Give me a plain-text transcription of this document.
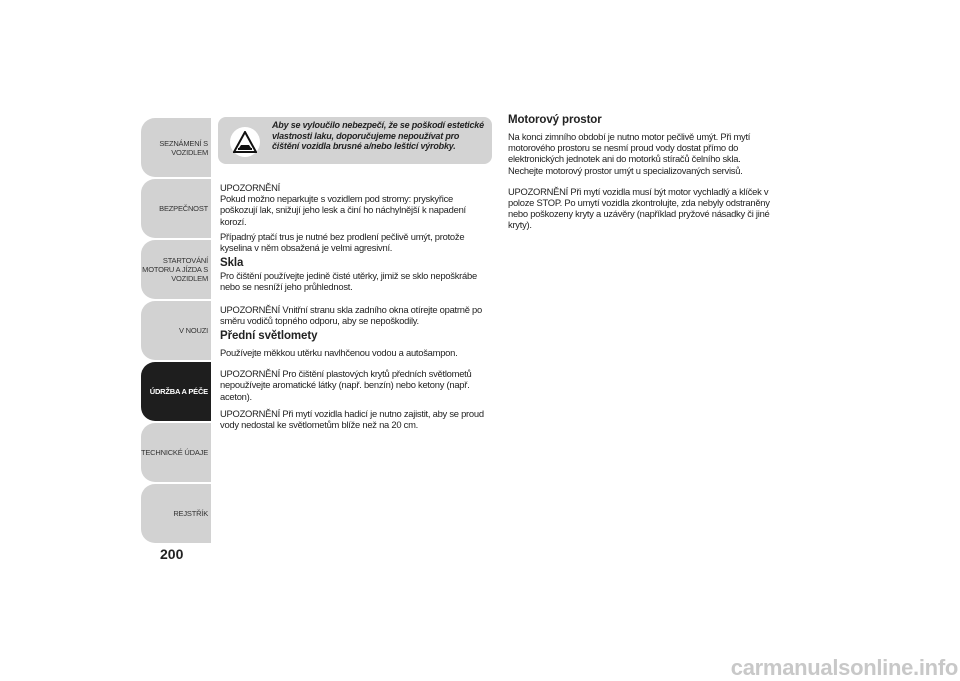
SEZNÁMENÍ S
VOZIDLEM
BEZPEČNOST
STARTOVÁNÍ
MOTORU A JÍZDA S
VOZIDLEM
V NOUZI
ÚDRŽBA A PÉČE
TECHNICKÉ ÚDAJE
REJSTŘÍK
200
Aby se vyloučilo nebezpečí, že se poškodí estetické vlastnosti laku, doporučujeme nepoužívat pro čištění vozidla brusné a/nebo lešticí výrobky.

UPOZORNĚNÍ

Pokud možno neparkujte s vozidlem pod stromy: pryskyřice poškozují lak, snižují jeho lesk a činí ho náchylnější k napadení korozí.

Případný ptačí trus je nutné bez prodlení pečlivě umýt, protože kyselina v něm obsažená je velmi agresivní.

Skla

Pro čištění používejte jedině čisté utěrky, jimiž se sklo nepoškrábe nebo se nesníží jeho průhlednost.

UPOZORNĚNÍ Vnitřní stranu skla zadního okna otírejte opatrně po směru vodičů topného odporu, aby se nepoškodily.

Přední světlomety

Používejte měkkou utěrku navlhčenou vodou a autošampon.

UPOZORNĚNÍ Pro čištění plastových krytů předních světlometů nepoužívejte aromatické látky (např. benzín) nebo ketony (např. aceton).

UPOZORNĚNÍ Při mytí vozidla hadicí je nutno zajistit, aby se proud vody nedostal ke světlometům blíže než na 20 cm.

Motorový prostor

Na konci zimního období je nutno motor pečlivě umýt. Při mytí motorového prostoru se nesmí proud vody dostat přímo do elektronických jednotek ani do motorků stíračů čelního skla. Nechejte motorový prostor umýt u specializovaných servisů.

UPOZORNĚNÍ Při mytí vozidla musí být motor vychladlý a klíček v poloze STOP. Po umytí vozidla zkontrolujte, zda nebyly odstraněny nebo poškozeny kryty a uzávěry (například pryžové násadky či jiné kryty).

carmanualsonline.info
